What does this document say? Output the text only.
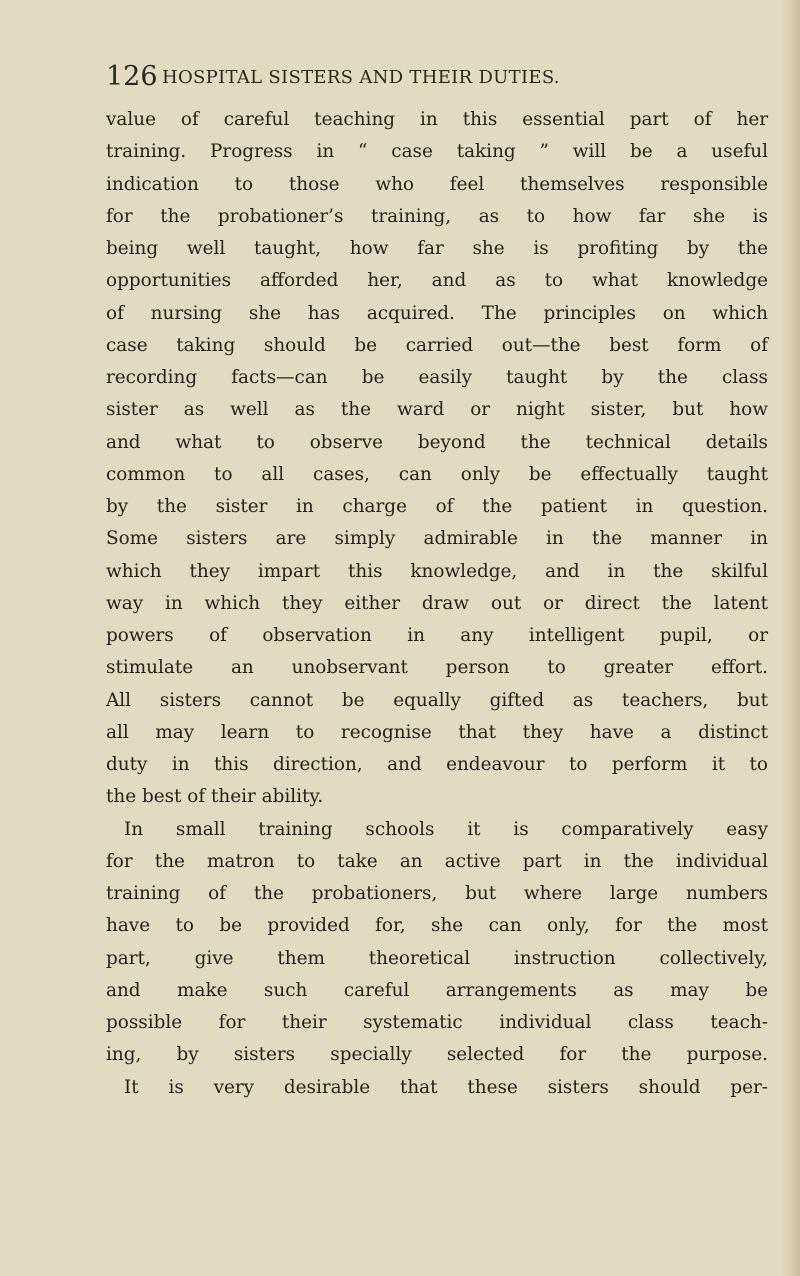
126 HOSPITAL SISTERS AND THEIR DUTIES.
value of careful teaching in this essential part of her
training. Progress in “ case taking ” will be a useful
indication to those who feel themselves responsible
for the probationer’s training, as to how far she is
being well taught, how far she is profiting by the
opportunities afforded her, and as to what knowledge
of nursing she has acquired. The principles on which
case taking should be carried out—the best form of
recording facts—can be easily taught by the class
sister as well as the ward or night sister, but how
and what to observe beyond the technical details
common to all cases, can only be effectually taught
by the sister in charge of the patient in question.
Some sisters are simply admirable in the manner in
which they impart this knowledge, and in the skilful
way in which they either draw out or direct the latent
powers of observation in any intelligent pupil, or
stimulate an unobservant person to greater effort.
All sisters cannot be equally gifted as teachers, but
all may learn to recognise that they have a distinct
duty in this direction, and endeavour to perform it to
the best of their ability.
In small training schools it is comparatively easy
for the matron to take an active part in the individual
training of the probationers, but where large numbers
have to be provided for, she can only, for the most
part, give them theoretical instruction collectively,
and make such careful arrangements as may be
possible for their systematic individual class teach-
ing, by sisters specially selected for the purpose.
It is very desirable that these sisters should per-
